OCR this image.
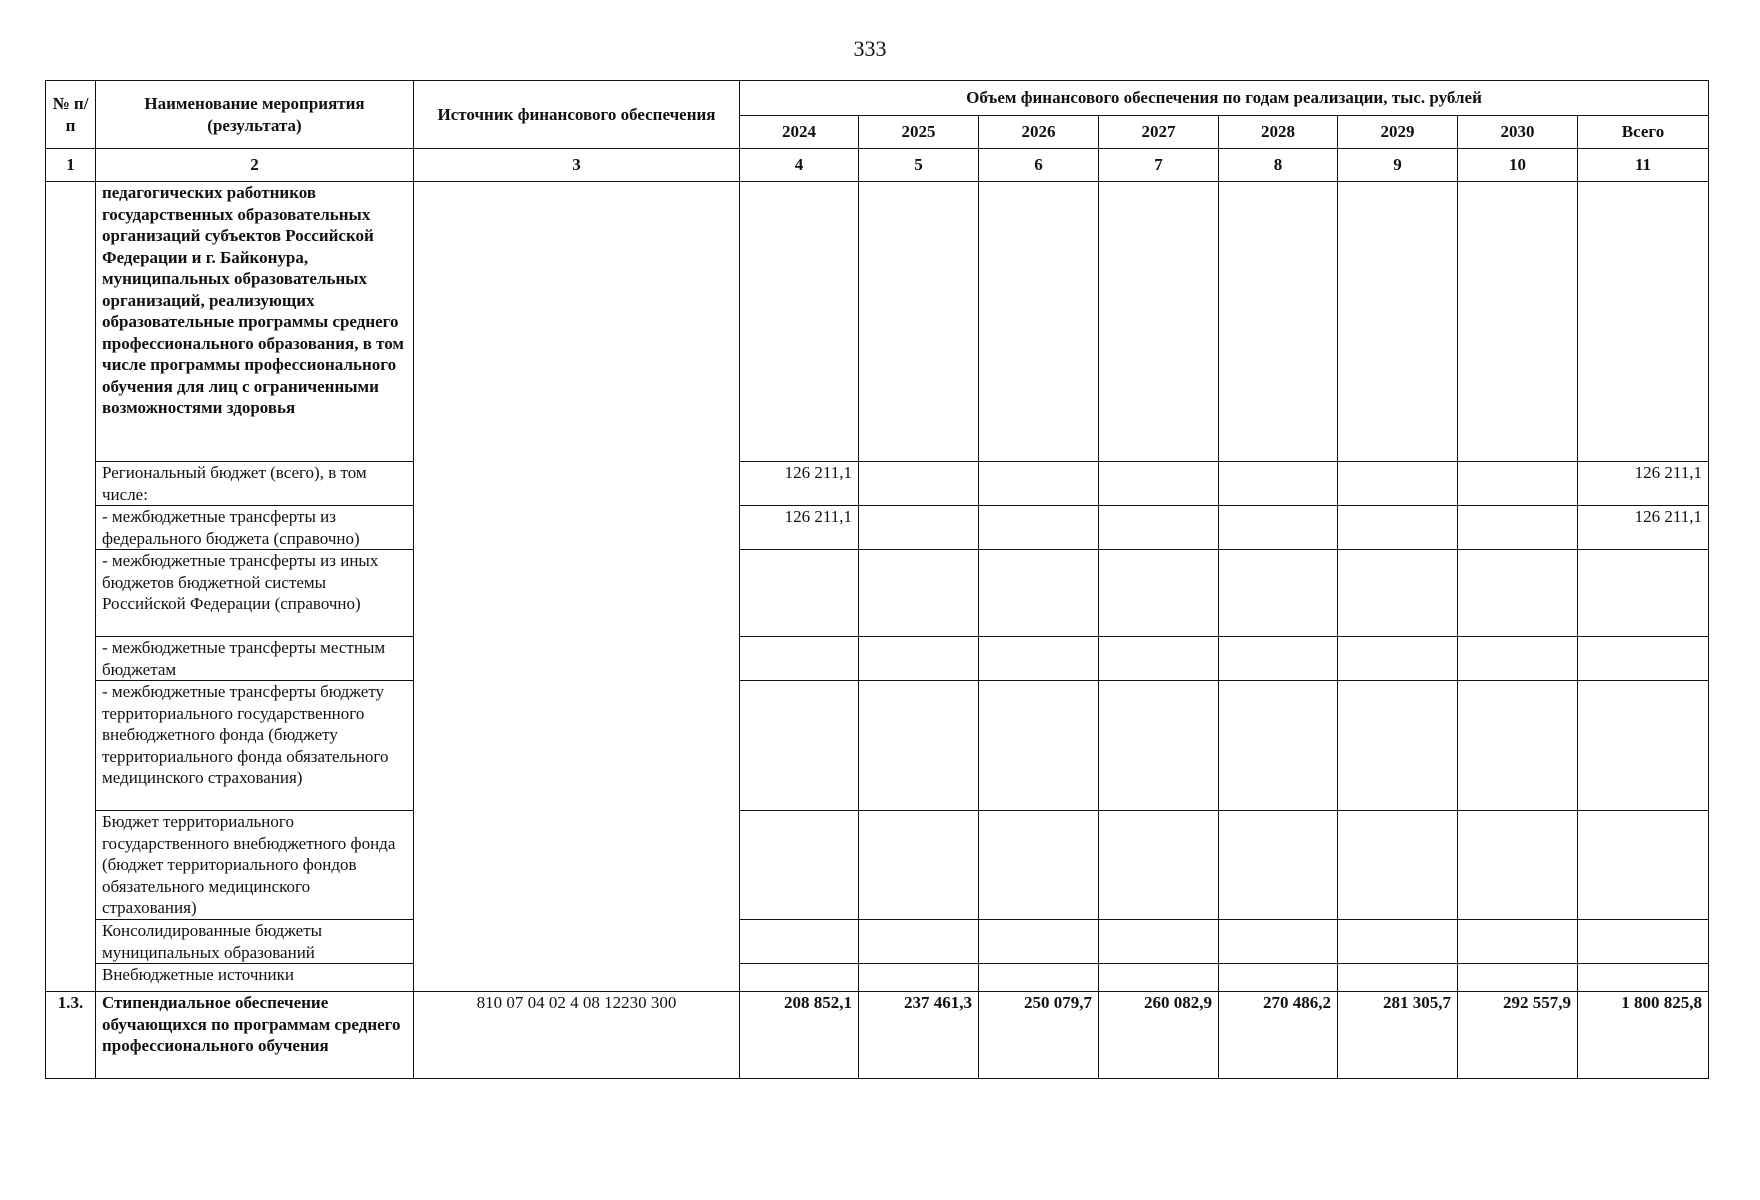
333
№ п/п	Наименование мероприятия (результата)	Источник финансового обеспечения	Объем финансового обеспечения по годам реализации, тыс. рублей							
			2024	2025	2026	2027	2028	2029	2030	Всего
1	2	3	4	5	6	7	8	9	10	11
	педагогических работников государственных образовательных организаций субъектов Российской Федерации и г. Байконура, муниципальных образовательных организаций, реализующих образовательные программы среднего профессионального образования, в том числе программы профессионального обучения для лиц с ограниченными возможностями здоровья									
	Региональный бюджет (всего), в том числе:		126 211,1							126 211,1
	- межбюджетные трансферты из федерального бюджета (справочно)		126 211,1							126 211,1
	- межбюджетные трансферты из иных бюджетов бюджетной системы Российской Федерации (справочно)									
	- межбюджетные трансферты местным бюджетам									
	- межбюджетные трансферты бюджету территориального государственного внебюджетного фонда (бюджету территориального фонда обязательного медицинского страхования)									
	Бюджет территориального государственного внебюджетного фонда (бюджет территориального фондов обязательного медицинского страхования)									
	Консолидированные бюджеты муниципальных образований									
	Внебюджетные источники									
1.3.	Стипендиальное обеспечение обучающихся по программам среднего профессионального обучения	810 07 04 02 4 08 12230 300	208 852,1	237 461,3	250 079,7	260 082,9	270 486,2	281 305,7	292 557,9	1 800 825,8
